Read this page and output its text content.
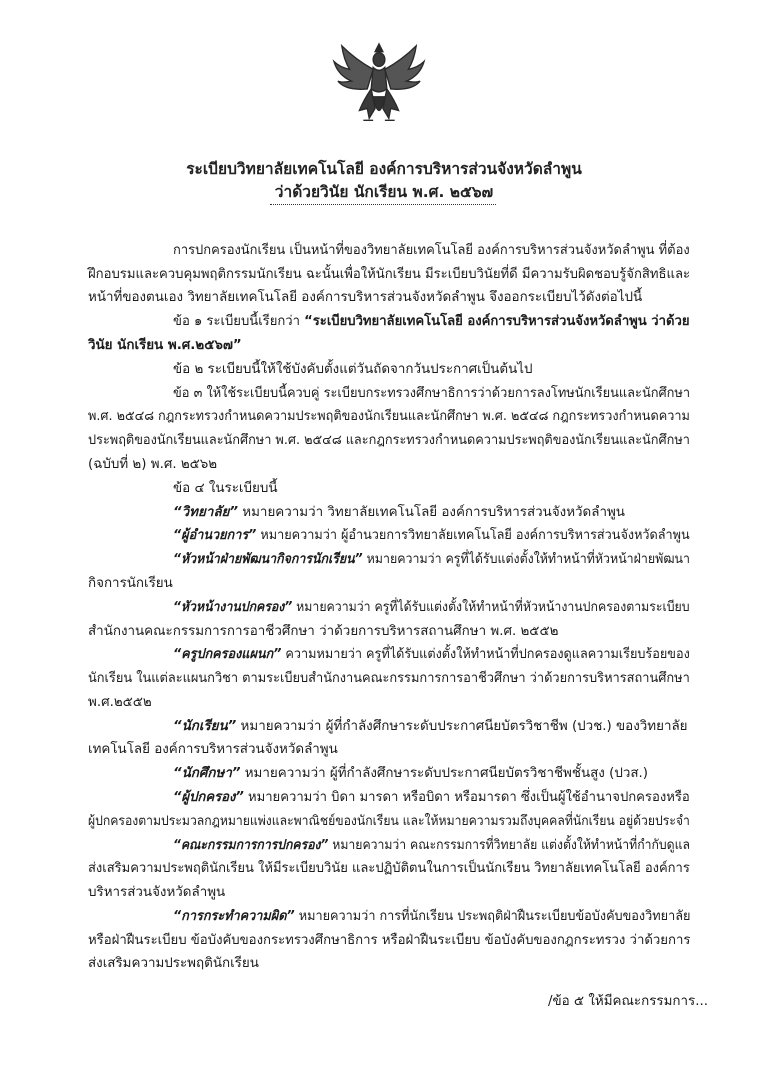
ระเบียบวิทยาลัยเทคโนโลยี องค์การบริหารส่วนจังหวัดลำพูน
ว่าด้วยวินัย นักเรียน พ.ศ. ๒๕๖๗
การปกครองนักเรียน เป็นหน้าที่ของวิทยาลัยเทคโนโลยี องค์การบริหารส่วนจังหวัดลำพูน ที่ต้อง
ฝึกอบรมและควบคุมพฤติกรรมนักเรียน ฉะนั้นเพื่อให้นักเรียน มีระเบียบวินัยที่ดี มีความรับผิดชอบรู้จักสิทธิและ
หน้าที่ของตนเอง วิทยาลัยเทคโนโลยี องค์การบริหารส่วนจังหวัดลำพูน จึงออกระเบียบไว้ดังต่อไปนี้
ข้อ ๑ ระเบียบนี้เรียกว่า “ระเบียบวิทยาลัยเทคโนโลยี องค์การบริหารส่วนจังหวัดลำพูน ว่าด้วย
วินัย นักเรียน พ.ศ.๒๕๖๗”
ข้อ ๒ ระเบียบนี้ให้ใช้บังคับตั้งแต่วันถัดจากวันประกาศเป็นต้นไป
ข้อ ๓ ให้ใช้ระเบียบนี้ควบคู่ ระเบียบกระทรวงศึกษาธิการว่าด้วยการลงโทษนักเรียนและนักศึกษา
พ.ศ. ๒๕๔๘ กฎกระทรวงกำหนดความประพฤติของนักเรียนและนักศึกษา พ.ศ. ๒๕๔๘ กฎกระทรวงกำหนดความ
ประพฤติของนักเรียนและนักศึกษา พ.ศ. ๒๕๔๘ และกฎกระทรวงกำหนดความประพฤติของนักเรียนและนักศึกษา
(ฉบับที่ ๒) พ.ศ. ๒๕๖๒
ข้อ ๔ ในระเบียบนี้
“วิทยาลัย” หมายความว่า วิทยาลัยเทคโนโลยี องค์การบริหารส่วนจังหวัดลำพูน
“ผู้อำนวยการ” หมายความว่า ผู้อำนวยการวิทยาลัยเทคโนโลยี องค์การบริหารส่วนจังหวัดลำพูน
“หัวหน้าฝ่ายพัฒนากิจการนักเรียน” หมายความว่า ครูที่ได้รับแต่งตั้งให้ทำหน้าที่หัวหน้าฝ่ายพัฒนา
กิจการนักเรียน
“หัวหน้างานปกครอง” หมายความว่า ครูที่ได้รับแต่งตั้งให้ทำหน้าที่หัวหน้างานปกครองตามระเบียบ
สำนักงานคณะกรรมการการอาชีวศึกษา ว่าด้วยการบริหารสถานศึกษา พ.ศ. ๒๕๕๒
“ครูปกครองแผนก” ความหมายว่า ครูที่ได้รับแต่งตั้งให้ทำหน้าที่ปกครองดูแลความเรียบร้อยของ
นักเรียน ในแต่ละแผนกวิชา ตามระเบียบสำนักงานคณะกรรมการการอาชีวศึกษา ว่าด้วยการบริหารสถานศึกษา
พ.ศ.๒๕๕๒
“นักเรียน” หมายความว่า ผู้ที่กำลังศึกษาระดับประกาศนียบัตรวิชาชีพ (ปวช.) ของวิทยาลัย
เทคโนโลยี องค์การบริหารส่วนจังหวัดลำพูน
“นักศึกษา” หมายความว่า ผู้ที่กำลังศึกษาระดับประกาศนียบัตรวิชาชีพชั้นสูง (ปวส.)
“ผู้ปกครอง” หมายความว่า บิดา มารดา หรือบิดา หรือมารดา ซึ่งเป็นผู้ใช้อำนาจปกครองหรือ
ผู้ปกครองตามประมวลกฎหมายแพ่งและพาณิชย์ของนักเรียน และให้หมายความรวมถึงบุคคลที่นักเรียน อยู่ด้วยประจำ
“คณะกรรมการการปกครอง” หมายความว่า คณะกรรมการที่วิทยาลัย แต่งตั้งให้ทำหน้าที่กำกับดูแล
ส่งเสริมความประพฤตินักเรียน ให้มีระเบียบวินัย และปฏิบัติตนในการเป็นนักเรียน วิทยาลัยเทคโนโลยี องค์การ
บริหารส่วนจังหวัดลำพูน
“การกระทำความผิด” หมายความว่า การที่นักเรียน ประพฤติฝ่าฝืนระเบียบข้อบังคับของวิทยาลัย
หรือฝ่าฝืนระเบียบ ข้อบังคับของกระทรวงศึกษาธิการ หรือฝ่าฝืนระเบียบ ข้อบังคับของกฎกระทรวง ว่าด้วยการ
ส่งเสริมความประพฤตินักเรียน
/ข้อ ๕ ให้มีคณะกรรมการ...
